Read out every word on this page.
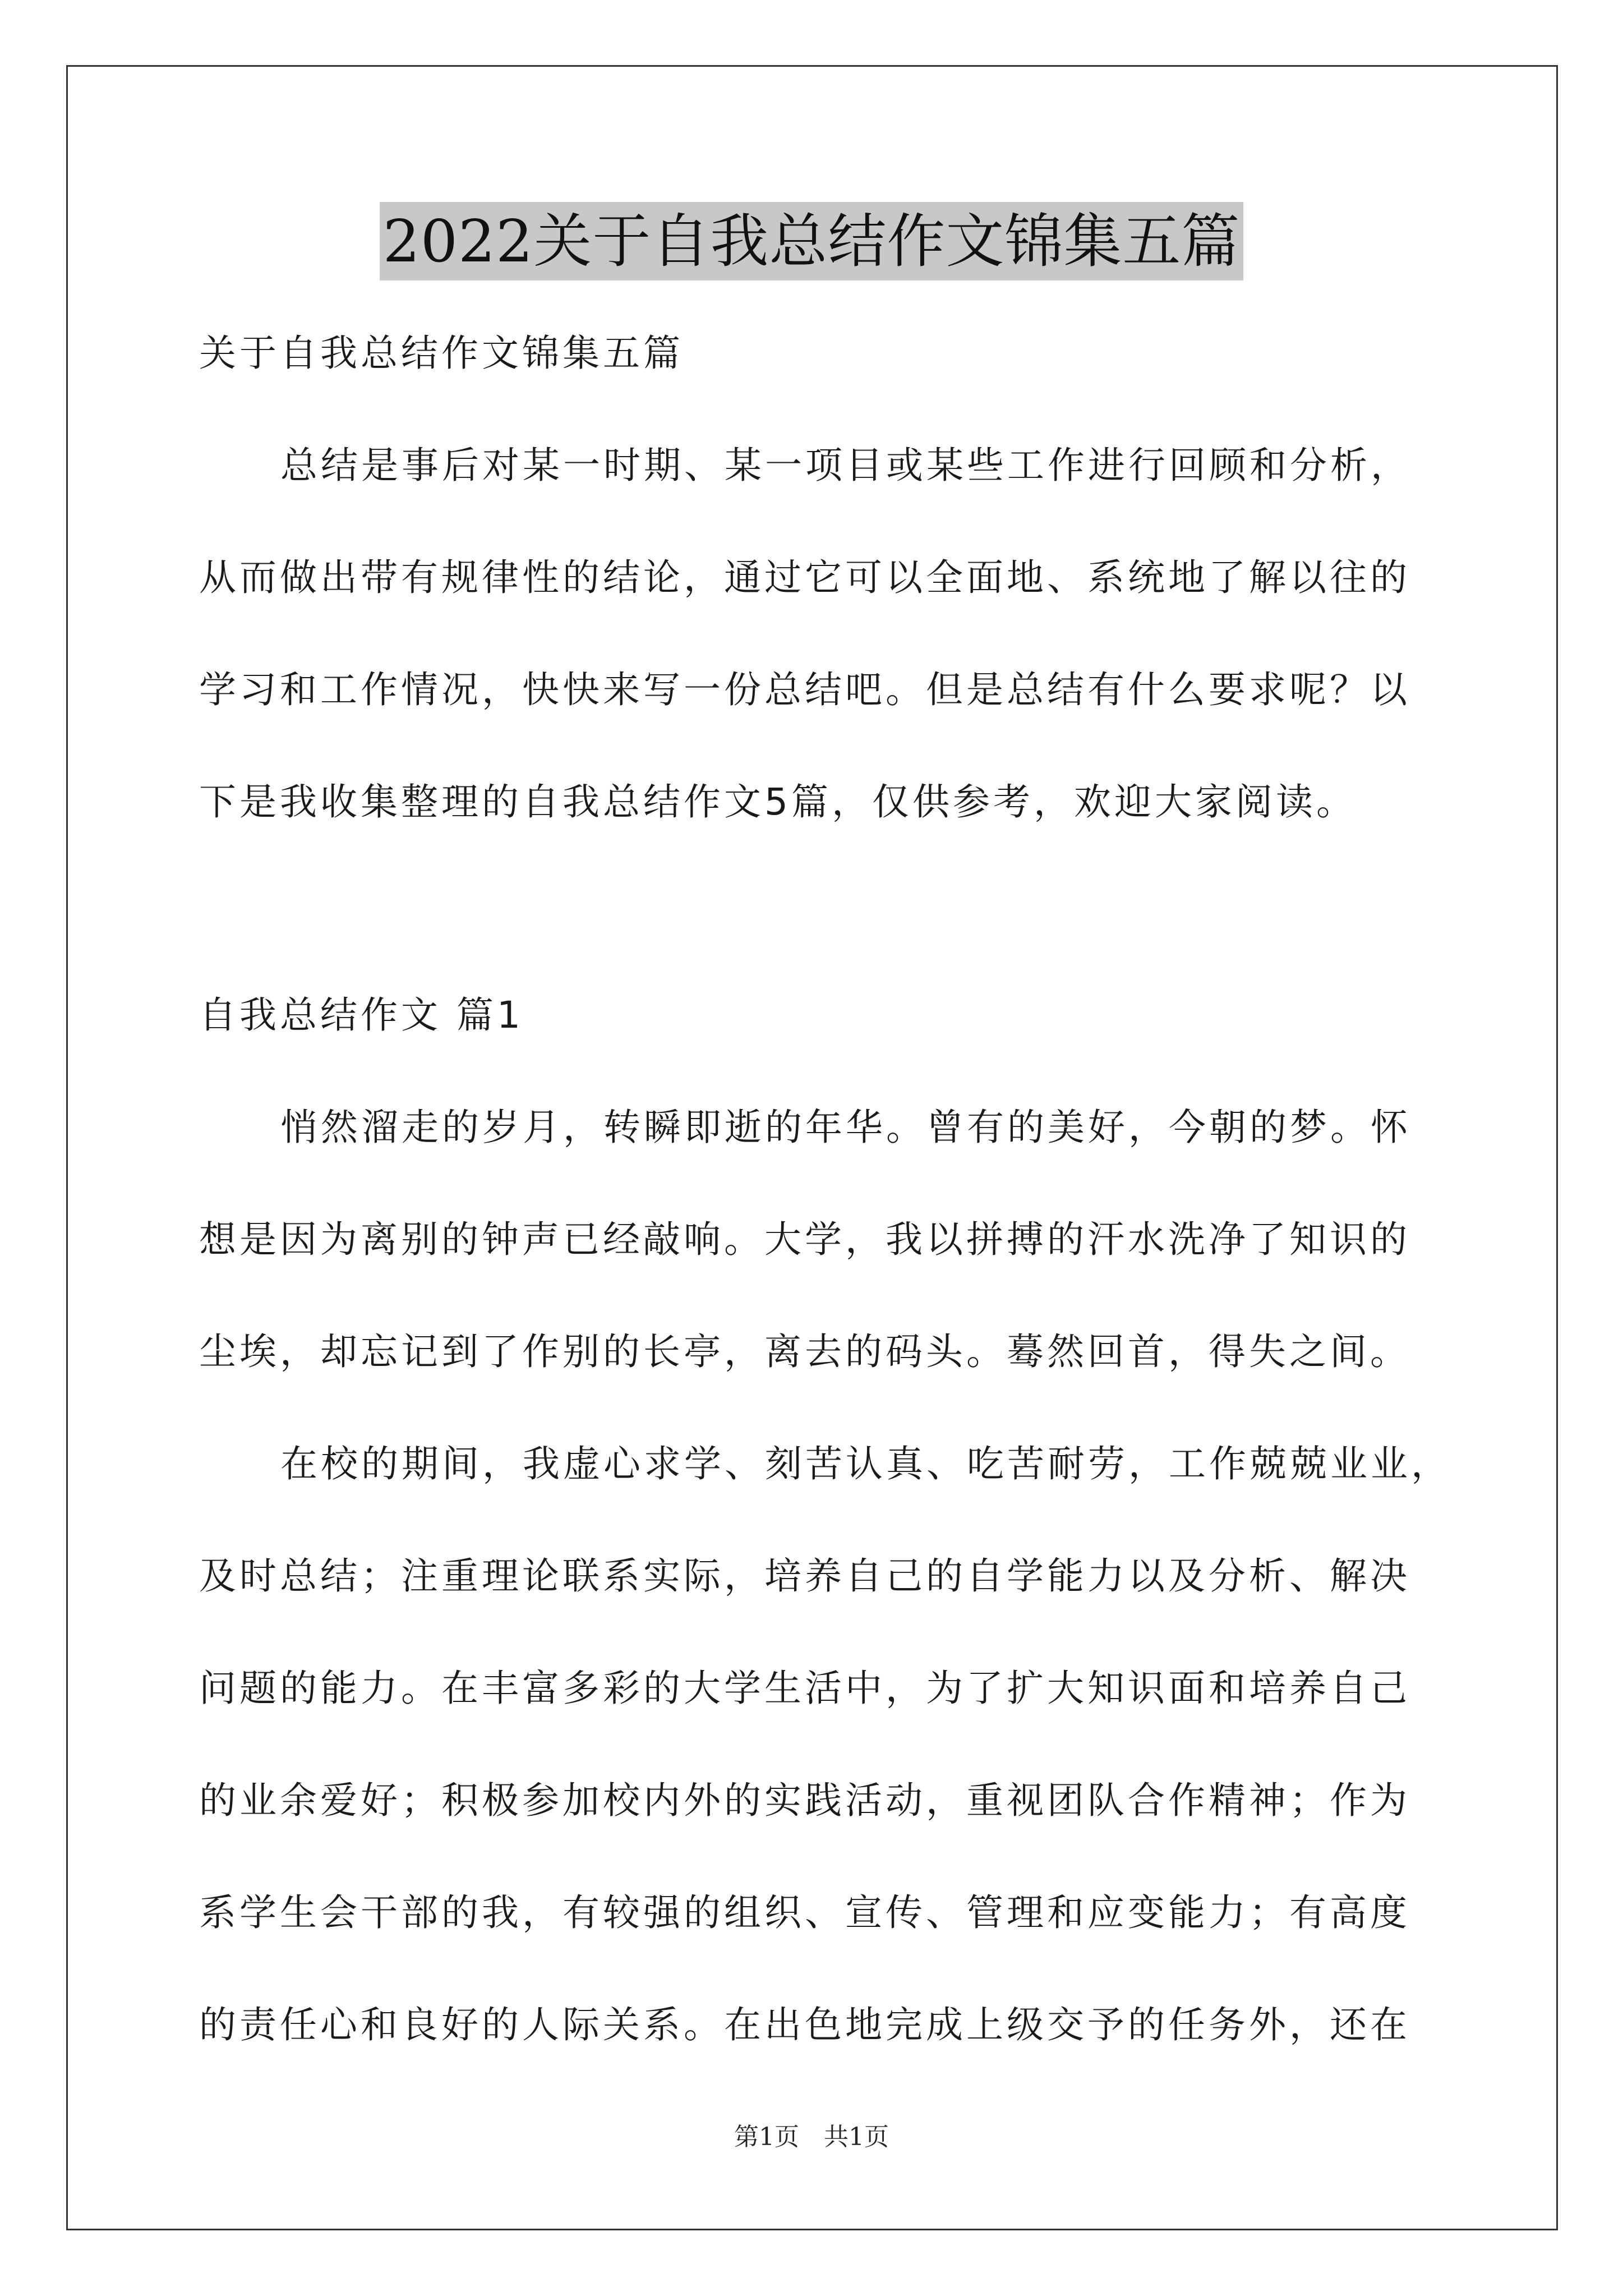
2022关于自我总结作文锦集五篇
关于自我总结作文锦集五篇
总结是事后对某一时期、某一项目或某些工作进行回顾和分析，
从而做出带有规律性的结论，通过它可以全面地、系统地了解以往的
学习和工作情况，快快来写一份总结吧。但是总结有什么要求呢？以
下是我收集整理的自我总结作文5篇，仅供参考，欢迎大家阅读。
自我总结作文 篇1
悄然溜走的岁月，转瞬即逝的年华。曾有的美好，今朝的梦。怀
想是因为离别的钟声已经敲响。大学，我以拼搏的汗水洗净了知识的
尘埃，却忘记到了作别的长亭，离去的码头。蓦然回首，得失之间。
在校的期间，我虚心求学、刻苦认真、吃苦耐劳，工作兢兢业业，
及时总结；注重理论联系实际，培养自己的自学能力以及分析、解决
问题的能力。在丰富多彩的大学生活中，为了扩大知识面和培养自己
的业余爱好；积极参加校内外的实践活动，重视团队合作精神；作为
系学生会干部的我，有较强的组织、宣传、管理和应变能力；有高度
的责任心和良好的人际关系。在出色地完成上级交予的任务外，还在
第1页　共1页
